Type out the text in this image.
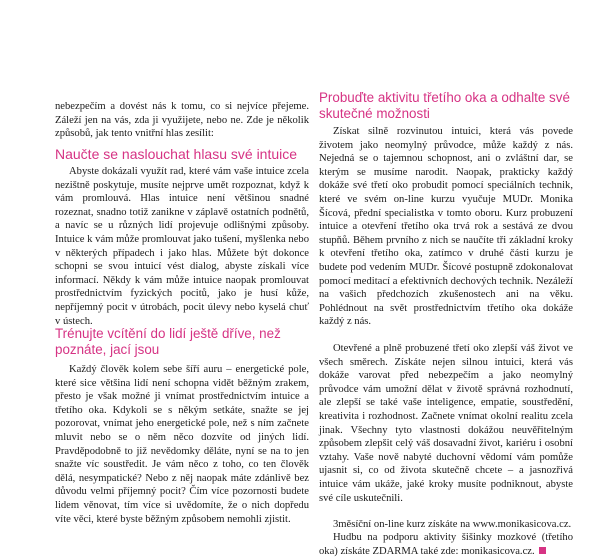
nebezpečím a dovést nás k tomu, co si nejvíce přejeme. Záleží jen na vás, zda ji využijete, nebo ne. Zde je několik způsobů, jak tento vnitřní hlas zesílit:

Naučte se naslouchat hlasu své intuice

Abyste dokázali využít rad, které vám vaše intuice zcela nezištně poskytuje, musíte nejprve umět rozpoznat, když k vám promlouvá. Hlas intuice není většinou snadné rozeznat, snadno totiž zanikne v záplavě ostatních podnětů, a navíc se u různých lidí projevuje odlišnými způsoby. Intuice k vám může promlouvat jako tušení, myšlenka nebo v některých případech i jako hlas. Můžete být dokonce schopni se svou intuicí vést dialog, abyste získali více informací. Někdy k vám může intuice naopak promlouvat prostřednictvím fyzických pocitů, jako je husí kůže, nepříjemný pocit v útrobách, pocit úlevy nebo kyselá chuť v ústech.

Trénujte vcítění do lidí ještě dříve, než poznáte, jací jsou

Každý člověk kolem sebe šíří auru – energetické pole, které sice většina lidí není schopna vidět běžným zrakem, přesto je však možné ji vnímat prostřednictvím intuice a třetího oka. Kdykoli se s někým setkáte, snažte se jej pozorovat, vnímat jeho energetické pole, než s ním začnete mluvit nebo se o něm něco dozvíte od jiných lidí. Pravděpodobně to již nevědomky děláte, nyní se na to jen snažte víc soustředit. Je vám něco z toho, co ten člověk dělá, nesympatické? Nebo z něj naopak máte zdánlivě bez důvodu velmi příjemný pocit? Čím více pozornosti budete lidem věnovat, tím více si uvědomíte, že o nich dopředu víte věci, které byste běžným způsobem nemohli zjistit.

Probuďte aktivitu třetího oka a odhalte své skutečné možnosti

Získat silně rozvinutou intuici, která vás povede životem jako neomylný průvodce, může každý z nás. Nejedná se o tajemnou schopnost, ani o zvláštní dar, se kterým se musíme narodit. Naopak, prakticky každý dokáže své třetí oko probudit pomocí speciálních technik, které ve svém on-line kurzu vyučuje MUDr. Monika Šícová, přední specialistka v tomto oboru. Kurz probuzení intuice a otevření třetího oka trvá rok a sestává ze dvou stupňů. Během prvního z nich se naučíte tři základní kroky k otevření třetího oka, zatímco v druhé části kurzu je budete pod vedením MUDr. Šícové postupně zdokonalovat pomocí meditací a efektivních dechových technik. Nezáleží na vašich předchozích zkušenostech ani na věku. Pohlédnout na svět prostřednictvím třetího oka dokáže každý z nás.

Otevřené a plně probuzené třetí oko zlepší váš život ve všech směrech. Získáte nejen silnou intuici, která vás dokáže varovat před nebezpečím a jako neomylný průvodce vám umožní dělat v životě správná rozhodnutí, ale zlepší se také vaše inteligence, empatie, soustředění, kreativita i rozhodnost. Začnete vnímat okolní realitu zcela jinak. Všechny tyto vlastnosti dokážou neuvěřitelným způsobem zlepšit celý váš dosavadní život, kariéru i osobní vztahy. Vaše nově nabyté duchovní vědomí vám pomůže ujasnit si, co od života skutečně chcete – a jasnozřivá intuice vám ukáže, jaké kroky musíte podniknout, abyste své cíle uskutečnili.

3měsíční on-line kurz získáte na www.monikasicova.cz.

Hudbu na podporu aktivity šišinky mozkové (třetího oka) získáte ZDARMA také zde: monikasicova.cz.
